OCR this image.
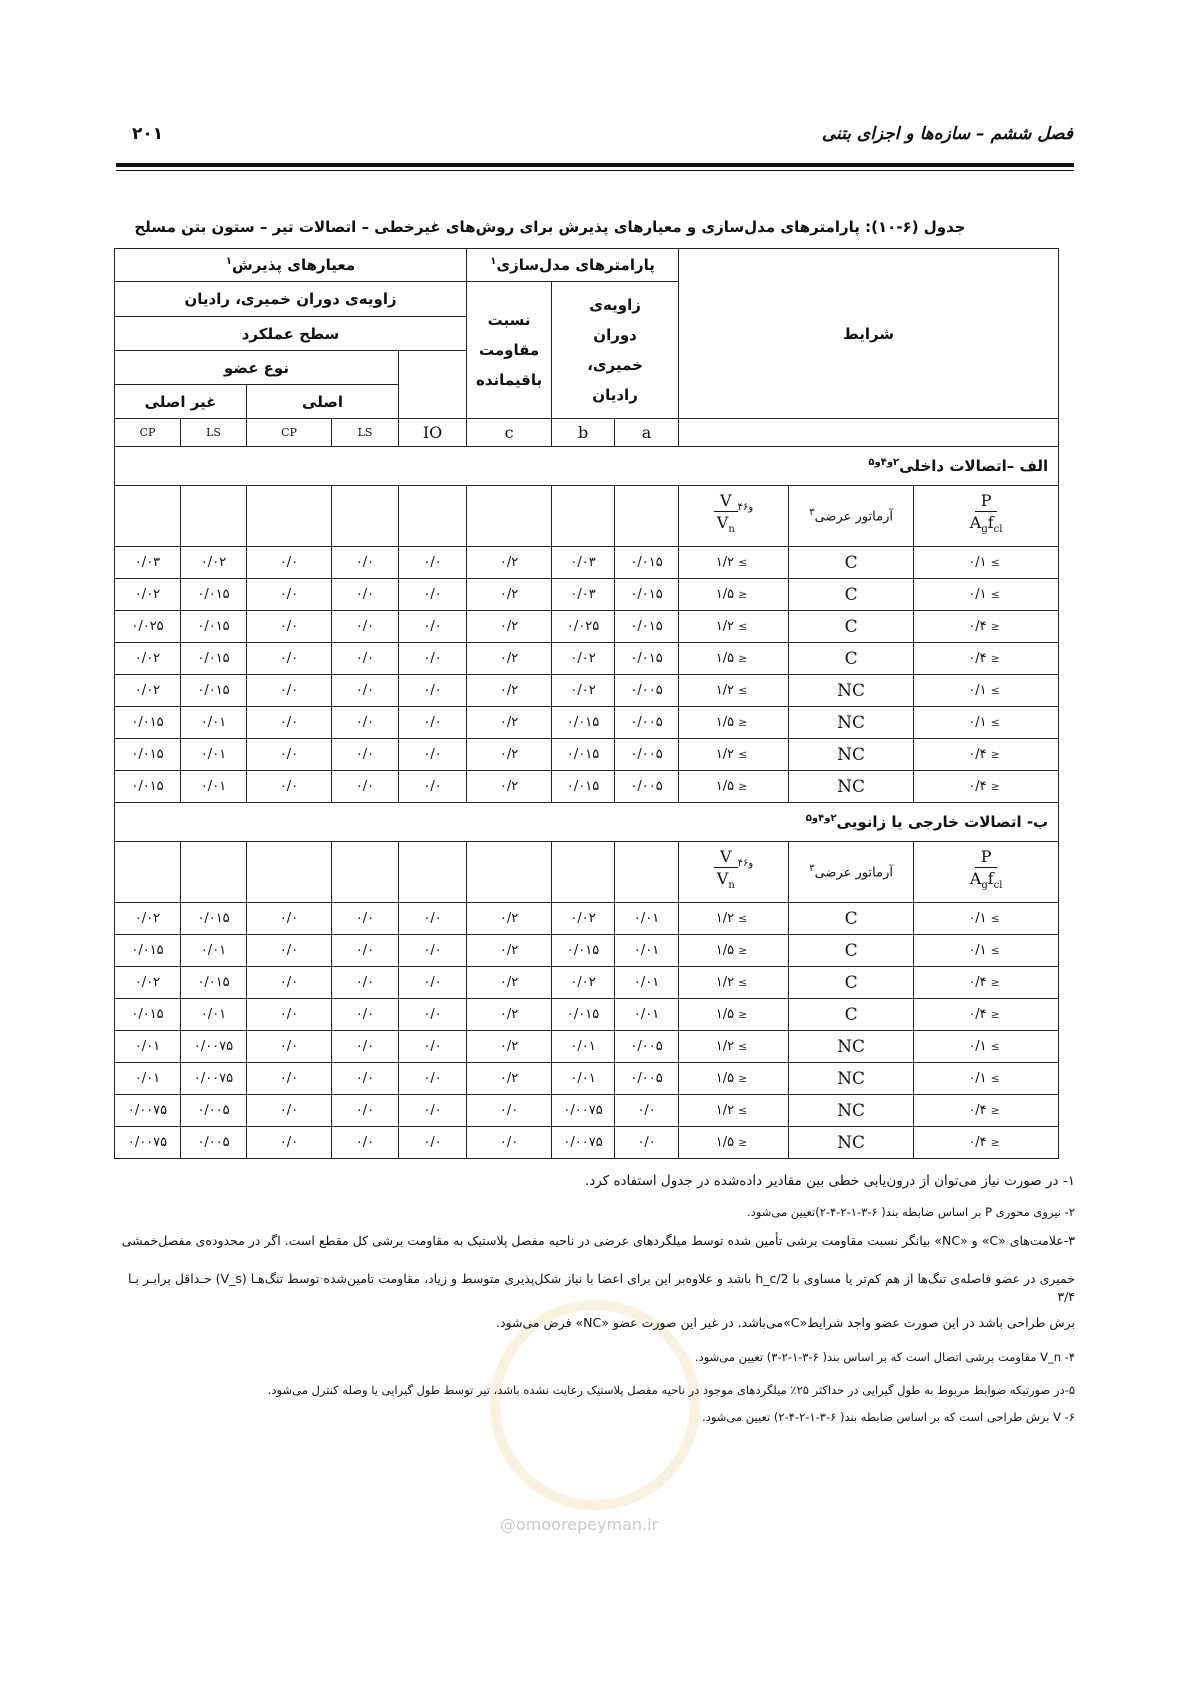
فصل ششم – سازه‌ها و اجزای بتنی
۲۰۱
جدول (۶-۱۰): پارامترهای مدل‌سازی و معیارهای پذیرش برای روش‌های غیرخطی – اتصالات تیر – ستون بتن مسلح
معیارهای پذیرش$^۱$					پارامترهای مدل‌سازی$^۱$			شرایط		
زاویه‌ی دوران خمیری، رادیان					نسبت مقاومت باقیمانده	زاویه‌ی دوران خمیری، رادیان				
سطح عملکرد										
نوع عضو										
غیر اصلی		اصلی								
CP	LS	CP	LS	IO	c	b	a			
الف –اتصالات داخلی$^{۲و۴و۵}$

								$\frac{V}{V_n} ^{۴و۶}$	آرماتور عرضی$^۳$	$\frac{P}{A_gf_{cl}}$

۰/۰۳	۰/۰۲	۰/۰	۰/۰	۰/۰	۰/۲	۰/۰۳	۰/۰۱۵	۱/۲ ≤	C	۰/۱ ≤
۰/۰۲	۰/۰۱۵	۰/۰	۰/۰	۰/۰	۰/۲	۰/۰۳	۰/۰۱۵	۱/۵ ≥	C	۰/۱ ≤
۰/۰۲۵	۰/۰۱۵	۰/۰	۰/۰	۰/۰	۰/۲	۰/۰۲۵	۰/۰۱۵	۱/۲ ≤	C	۰/۴ ≥
۰/۰۲	۰/۰۱۵	۰/۰	۰/۰	۰/۰	۰/۲	۰/۰۲	۰/۰۱۵	۱/۵ ≥	C	۰/۴ ≥
۰/۰۲	۰/۰۱۵	۰/۰	۰/۰	۰/۰	۰/۲	۰/۰۲	۰/۰۰۵	۱/۲ ≤	NC	۰/۱ ≤
۰/۰۱۵	۰/۰۱	۰/۰	۰/۰	۰/۰	۰/۲	۰/۰۱۵	۰/۰۰۵	۱/۵ ≥	NC	۰/۱ ≤
۰/۰۱۵	۰/۰۱	۰/۰	۰/۰	۰/۰	۰/۲	۰/۰۱۵	۰/۰۰۵	۱/۲ ≤	NC	۰/۴ ≥
۰/۰۱۵	۰/۰۱	۰/۰	۰/۰	۰/۰	۰/۲	۰/۰۱۵	۰/۰۰۵	۱/۵ ≥	NC	۰/۴ ≥
ب- اتصالات خارجی یا زانویی$^{۲و۴و۵}$

								$\frac{V}{V_n} ^{۴و۶}$	آرماتور عرضی$^۳$	$\frac{P}{A_gf_{cl}}$

۰/۰۲	۰/۰۱۵	۰/۰	۰/۰	۰/۰	۰/۲	۰/۰۲	۰/۰۱	۱/۲ ≤	C	۰/۱ ≤
۰/۰۱۵	۰/۰۱	۰/۰	۰/۰	۰/۰	۰/۲	۰/۰۱۵	۰/۰۱	۱/۵ ≥	C	۰/۱ ≤
۰/۰۲	۰/۰۱۵	۰/۰	۰/۰	۰/۰	۰/۲	۰/۰۲	۰/۰۱	۱/۲ ≤	C	۰/۴ ≥
۰/۰۱۵	۰/۰۱	۰/۰	۰/۰	۰/۰	۰/۲	۰/۰۱۵	۰/۰۱	۱/۵ ≥	C	۰/۴ ≥
۰/۰۱	۰/۰۰۷۵	۰/۰	۰/۰	۰/۰	۰/۲	۰/۰۱	۰/۰۰۵	۱/۲ ≤	NC	۰/۱ ≤
۰/۰۱	۰/۰۰۷۵	۰/۰	۰/۰	۰/۰	۰/۲	۰/۰۱	۰/۰۰۵	۱/۵ ≥	NC	۰/۱ ≤
۰/۰۰۷۵	۰/۰۰۵	۰/۰	۰/۰	۰/۰	۰/۰	۰/۰۰۷۵	۰/۰	۱/۲ ≤	NC	۰/۴ ≥
۰/۰۰۷۵	۰/۰۰۵	۰/۰	۰/۰	۰/۰	۰/۰	۰/۰۰۷۵	۰/۰	۱/۵ ≥	NC	۰/۴ ≥
@omoorepeyman.ir
۱- در صورت نیاز می‌توان از درون‌یابی خطی بین مقادیر داده‌شده در جدول استفاده کرد.
۲- نیروی محوری P بر اساس ضابطه بند( ۶-۳-۱-۲-۴-۲)تعیین می‌شود.
۳-علامت‌های «C» و «NC» بیانگر نسبت مقاومت برشی تأمین شده توسط میلگردهای عرضی در ناحیه مفصل پلاستیک به مقاومت برشی کل مقطع است. اگر در محدوده‌ی مفصل‌خمشی
خمیری در عضو فاصله‌ی تنگ‌ها از هم کم‌تر یا مساوی با h_c/2 باشد و علاوه‌بر این برای اعضا با نیاز شکل‌پذیری متوسط و زیاد، مقاومت تامین‌شده توسط تنگ‌هـا (V_s) حـداقل برابـر بـا ۳/۴
برش طراحی باشد در این صورت عضو واجد شرایط«C»می‌باشد. در غیر این صورت عضو «NC» فرض می‌شود.
۴- V_n مقاومت برشی اتصال است که بر اساس بند( ۶-۳-۱-۲-۳) تعیین می‌شود.
۵-در صورتیکه ضوابط مربوط به طول گیرایی در حداکثر ۲۵٪ میلگردهای موجود در ناحیه مفصل پلاستیک رعایت نشده باشد، تیر توسط طول گیرایی یا وصله کنترل می‌شود.
۶- V برش طراحی است که بر اساس ضابطه بند( ۶-۳-۱-۲-۴-۲) تعیین می‌شود.
